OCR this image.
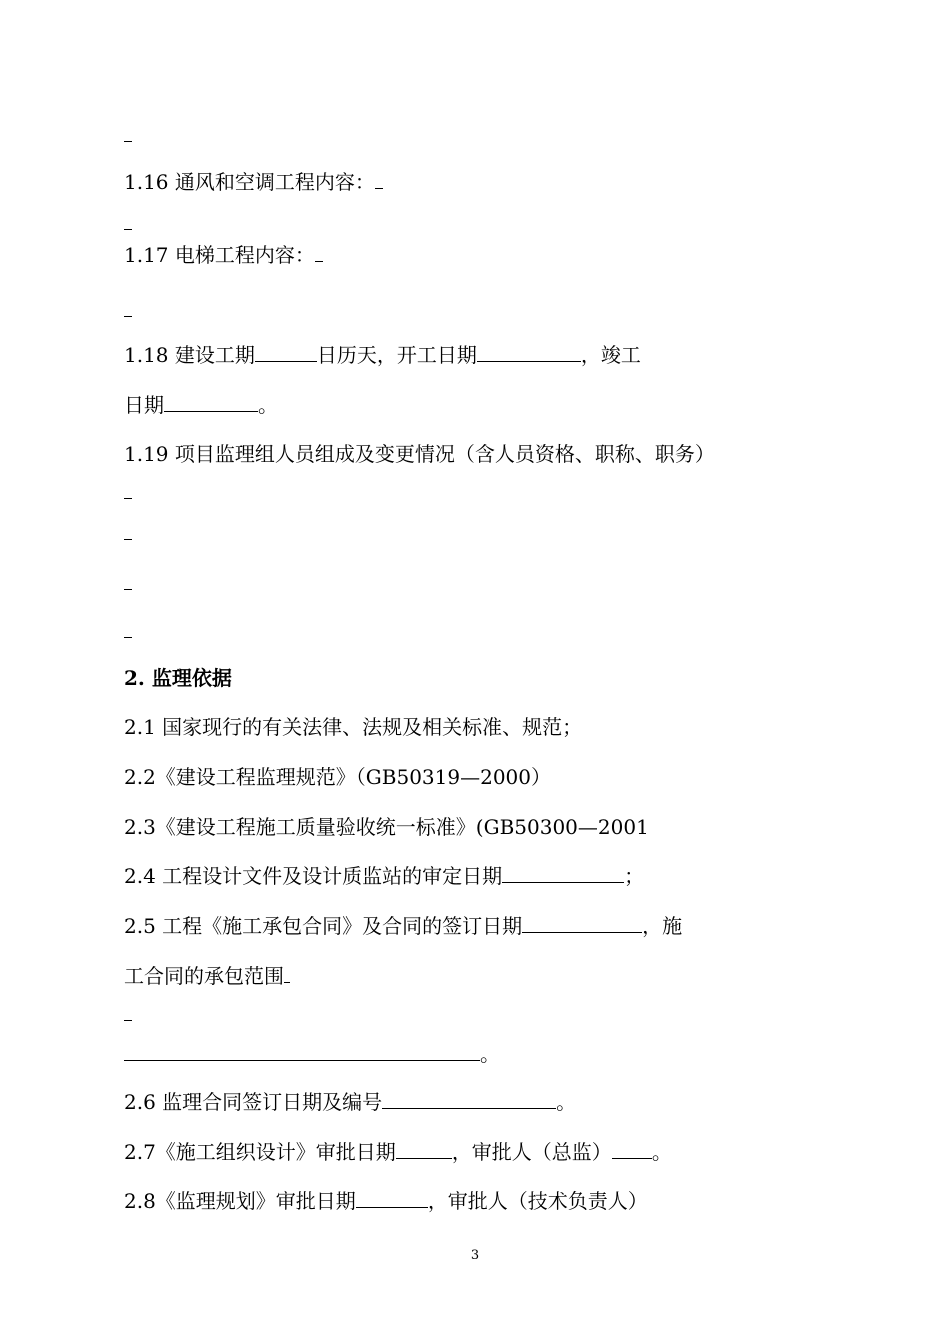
1.16 通风和空调工程内容：
1.17 电梯工程内容：
1.18 建设工期	日历天，开工日期	，竣工
日期	。
1.19 项目监理组人员组成及变更情况（含人员资格、职称、职务）
2. 监理依据
2.1 国家现行的有关法律、法规及相关标准、规范；
2.2《建设工程监理规范》（GB50319—2000）
2.3《建设工程施工质量验收统一标准》(GB50300—2001
2.4 工程设计文件及设计质监站的审定日期	；
2.5 工程《施工承包合同》及合同的签订日期	，施
工合同的承包范围
。
2.6 监理合同签订日期及编号	。
2.7《施工组织设计》审批日期	，审批人（总监） 。
2.8《监理规划》审批日期	，审批人（技术负责人）
3
